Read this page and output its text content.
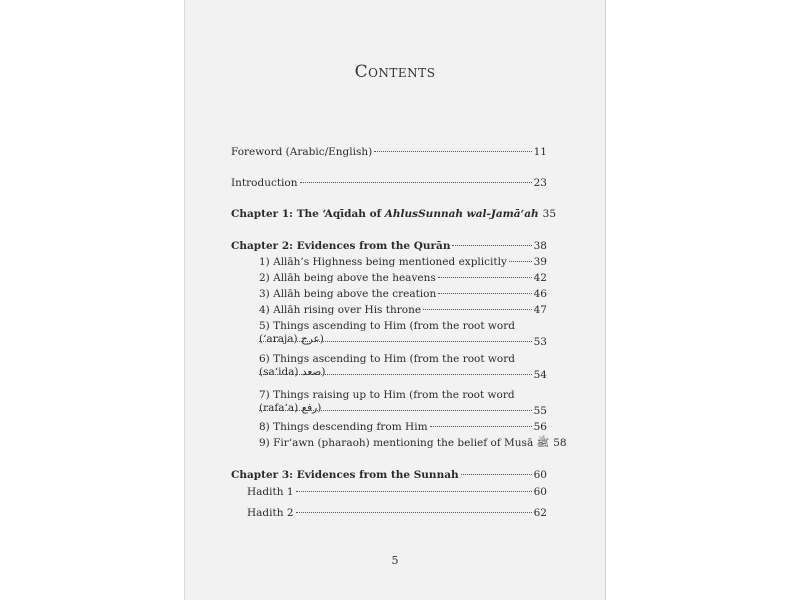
Contents
Foreword (Arabic/English)	11
Introduction	23
Chapter 1: The ‘Aqīdah of AhlusSunnah wal-Jamā‘ah 35
Chapter 2: Evidences from the Qurān	38
1) Allāh’s Highness being mentioned explicitly	39
2) Allāh being above the heavens	42
3) Allāh being above the creation	46
4) Allāh rising over His throne	47
5) Things ascending to Him (from the root word (‘araja) عرج)	53
6) Things ascending to Him (from the root word (sa‘ida) صعد)	54
7) Things raising up to Him (from the root word (rafa‘a) رفع)	55
8) Things descending from Him	56
9) Fir‘awn (pharaoh) mentioning the belief of Musā ﷺ 58
Chapter 3: Evidences from the Sunnah	60
Hadith 1	60
Hadith 2	62
5
